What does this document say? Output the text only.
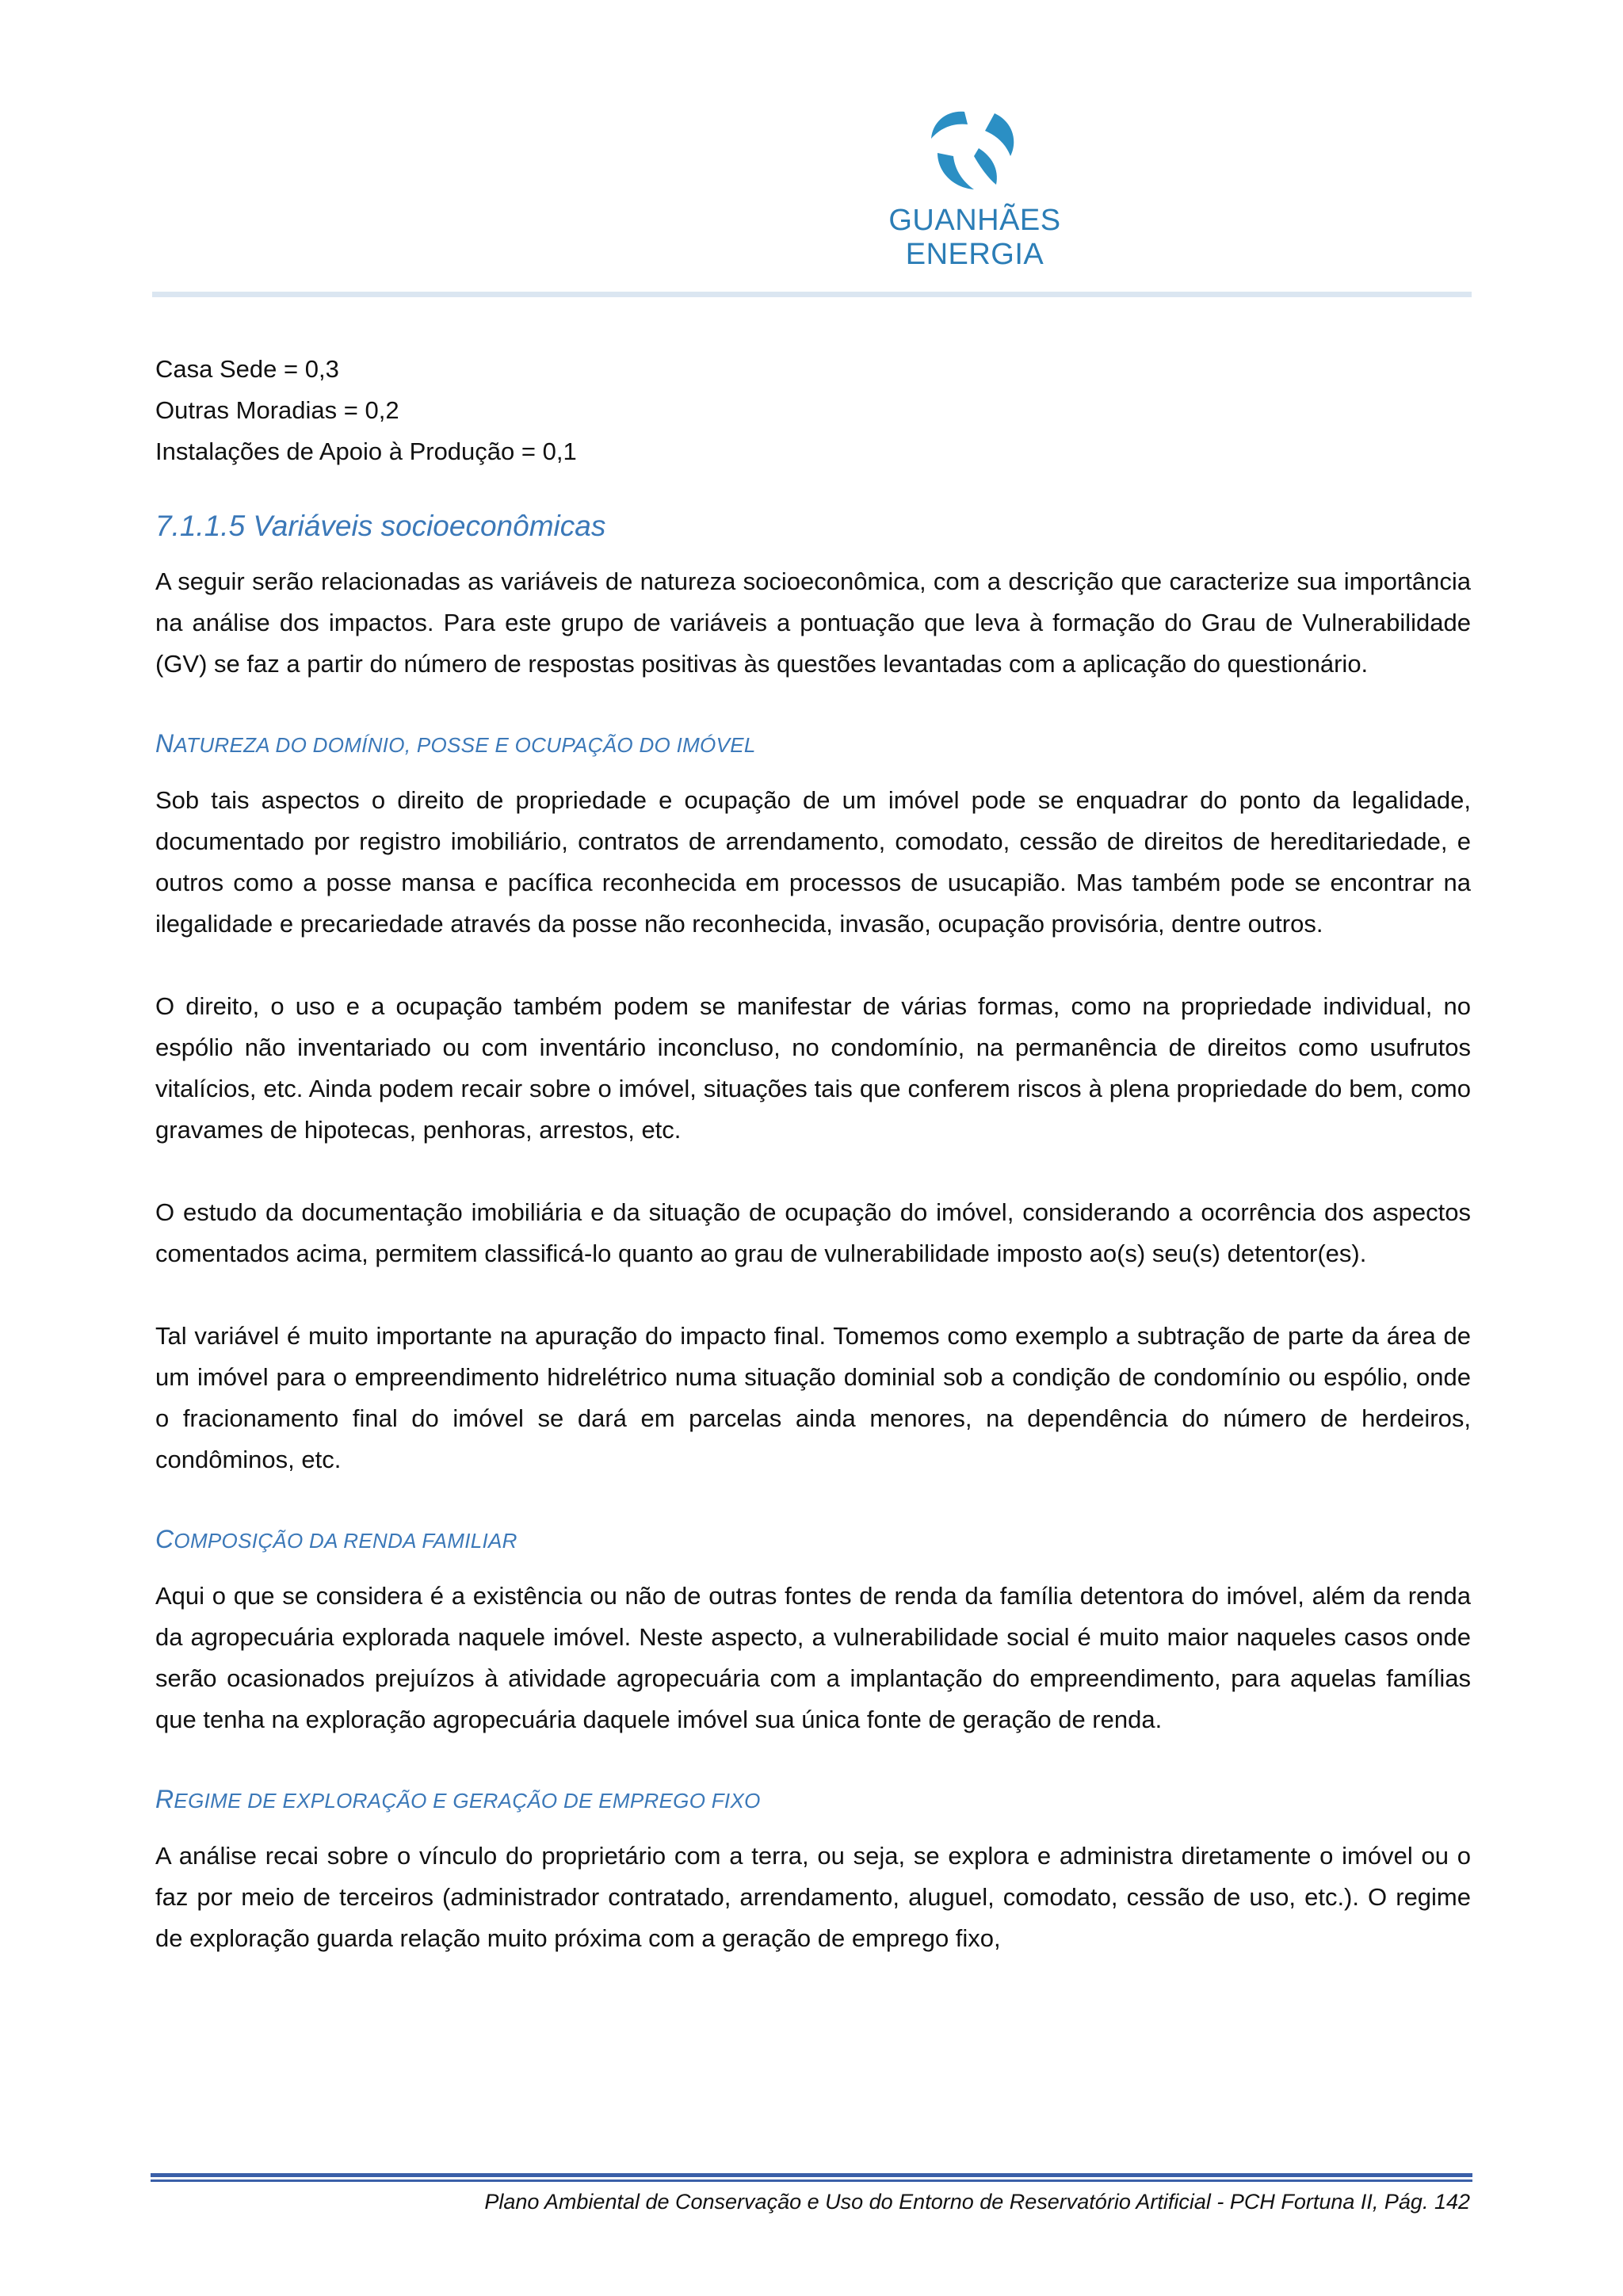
GUANHÃES ENERGIA
Casa Sede = 0,3
Outras Moradias = 0,2
Instalações de Apoio à Produção = 0,1
7.1.1.5 Variáveis socioeconômicas

A seguir serão relacionadas as variáveis de natureza socioeconômica, com a descrição que caracterize sua importância na análise dos impactos. Para este grupo de variáveis a pontuação que leva à formação do Grau de Vulnerabilidade (GV) se faz a partir do número de respostas positivas às questões levantadas com a aplicação do questionário.

NATUREZA DO DOMÍNIO, POSSE E OCUPAÇÃO DO IMÓVEL

Sob tais aspectos o direito de propriedade e ocupação de um imóvel pode se enquadrar do ponto da legalidade, documentado por registro imobiliário, contratos de arrendamento, comodato, cessão de direitos de hereditariedade, e outros como a posse mansa e pacífica reconhecida em processos de usucapião. Mas também pode se encontrar na ilegalidade e precariedade através da posse não reconhecida, invasão, ocupação provisória, dentre outros.

O direito, o uso e a ocupação também podem se manifestar de várias formas, como na propriedade individual, no espólio não inventariado ou com inventário inconcluso, no condomínio, na permanência de direitos como usufrutos vitalícios, etc. Ainda podem recair sobre o imóvel, situações tais que conferem riscos à plena propriedade do bem, como gravames de hipotecas, penhoras, arrestos, etc.

O estudo da documentação imobiliária e da situação de ocupação do imóvel, considerando a ocorrência dos aspectos comentados acima, permitem classificá-lo quanto ao grau de vulnerabilidade imposto ao(s) seu(s) detentor(es).

Tal variável é muito importante na apuração do impacto final. Tomemos como exemplo a subtração de parte da área de um imóvel para o empreendimento hidrelétrico numa situação dominial sob a condição de condomínio ou espólio, onde o fracionamento final do imóvel se dará em parcelas ainda menores, na dependência do número de herdeiros, condôminos, etc.

COMPOSIÇÃO DA RENDA FAMILIAR

Aqui o que se considera é a existência ou não de outras fontes de renda da família detentora do imóvel, além da renda da agropecuária explorada naquele imóvel. Neste aspecto, a vulnerabilidade social é muito maior naqueles casos onde serão ocasionados prejuízos à atividade agropecuária com a implantação do empreendimento, para aquelas famílias que tenha na exploração agropecuária daquele imóvel sua única fonte de geração de renda.

REGIME DE EXPLORAÇÃO E GERAÇÃO DE EMPREGO FIXO

A análise recai sobre o vínculo do proprietário com a terra, ou seja, se explora e administra diretamente o imóvel ou o faz por meio de terceiros (administrador contratado, arrendamento, aluguel, comodato, cessão de uso, etc.). O regime de exploração guarda relação muito próxima com a geração de emprego fixo,

Plano Ambiental de Conservação e Uso do Entorno de Reservatório Artificial - PCH Fortuna II, Pág. 142
